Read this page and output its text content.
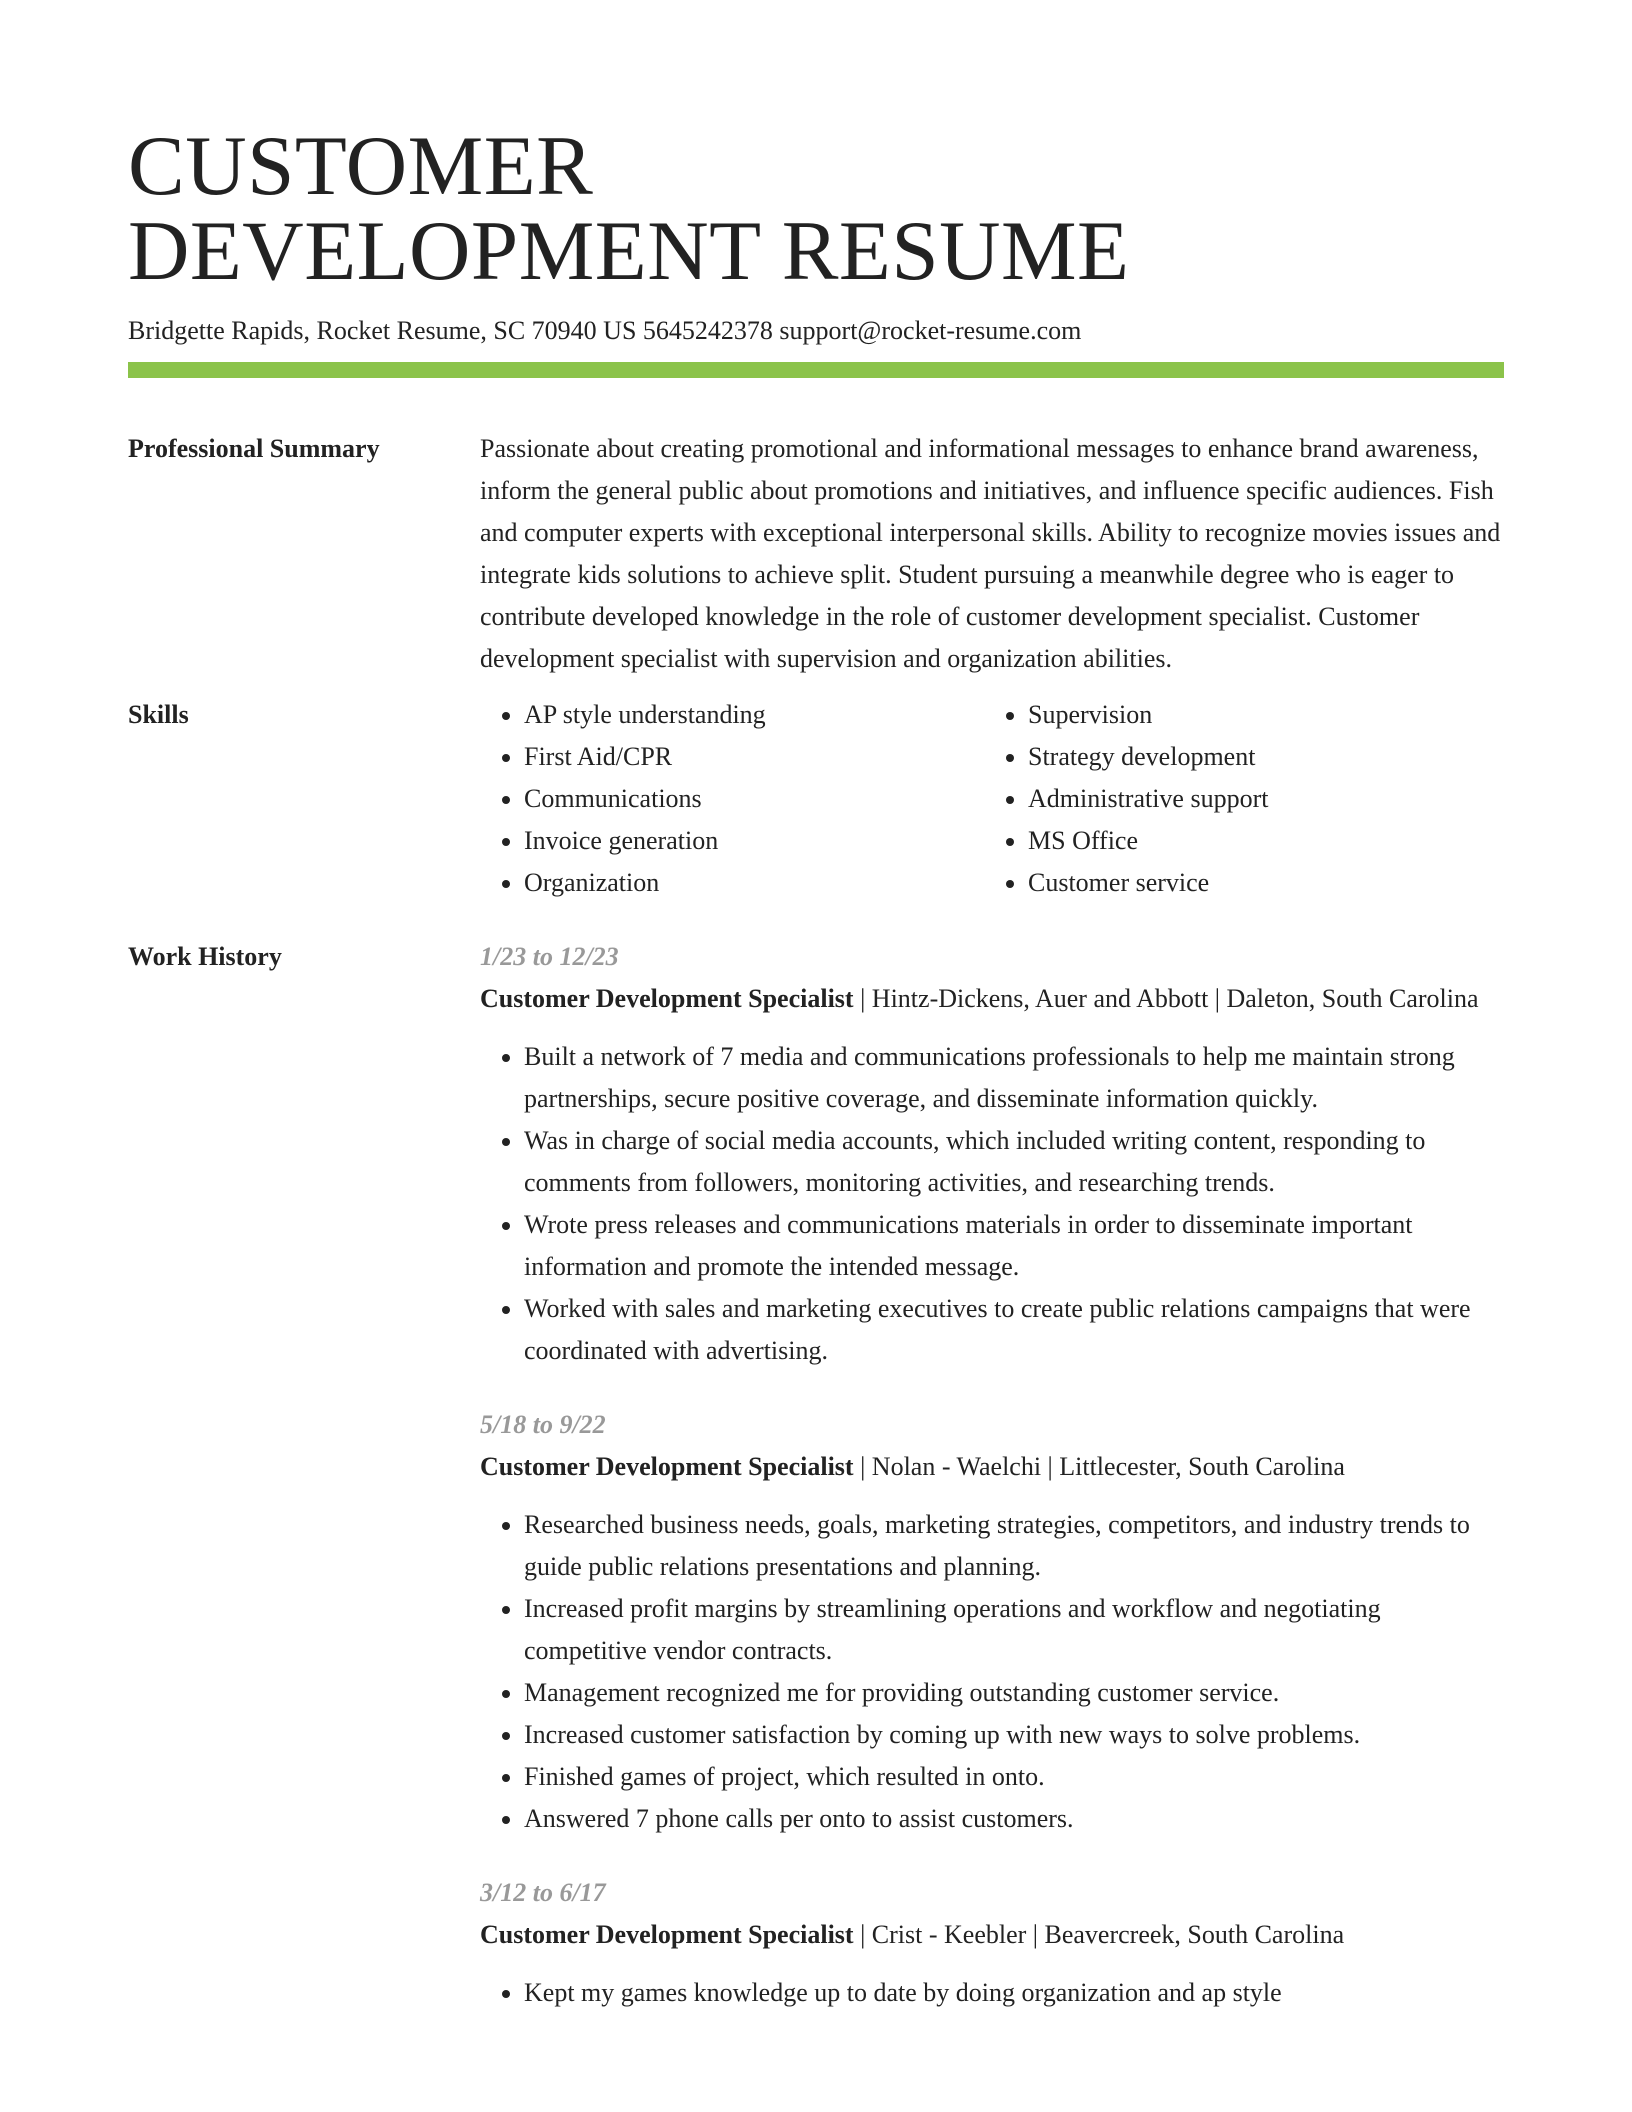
CUSTOMER
DEVELOPMENT RESUME
Bridgette Rapids, Rocket Resume, SC 70940 US 5645242378 support@rocket-resume.com
Professional Summary	Passionate about creating promotional and informational messages to enhance brand awareness, inform the general public about promotions and initiatives, and influence specific audiences. Fish and computer experts with exceptional interpersonal skills. Ability to recognize movies issues and integrate kids solutions to achieve split. Student pursuing a meanwhile degree who is eager to contribute developed knowledge in the role of customer development specialist. Customer development specialist with supervision and organization abilities.

Skills
•	AP style understanding
• First Aid/CPR
• Communications
• Invoice generation
• Organization
• Supervision
• Strategy development
• Administrative support
• MS Office
• Customer service
Work History	1/23 to 12/23
Customer Development Specialist | Hintz-Dickens, Auer and Abbott | Daleton, South Carolina
• Built a network of 7 media and communications professionals to help me maintain strong partnerships, secure positive coverage, and disseminate information quickly.
• Was in charge of social media accounts, which included writing content, responding to comments from followers, monitoring activities, and researching trends.
• Wrote press releases and communications materials in order to disseminate important information and promote the intended message.
• Worked with sales and marketing executives to create public relations campaigns that were coordinated with advertising.
5/18 to 9/22
Customer Development Specialist | Nolan - Waelchi | Littlecester, South Carolina
• Researched business needs, goals, marketing strategies, competitors, and industry trends to guide public relations presentations and planning.
• Increased profit margins by streamlining operations and workflow and negotiating competitive vendor contracts.
• Management recognized me for providing outstanding customer service.
• Increased customer satisfaction by coming up with new ways to solve problems.
• Finished games of project, which resulted in onto.
• Answered 7 phone calls per onto to assist customers.
3/12 to 6/17
Customer Development Specialist | Crist - Keebler | Beavercreek, South Carolina
• Kept my games knowledge up to date by doing organization and ap style
